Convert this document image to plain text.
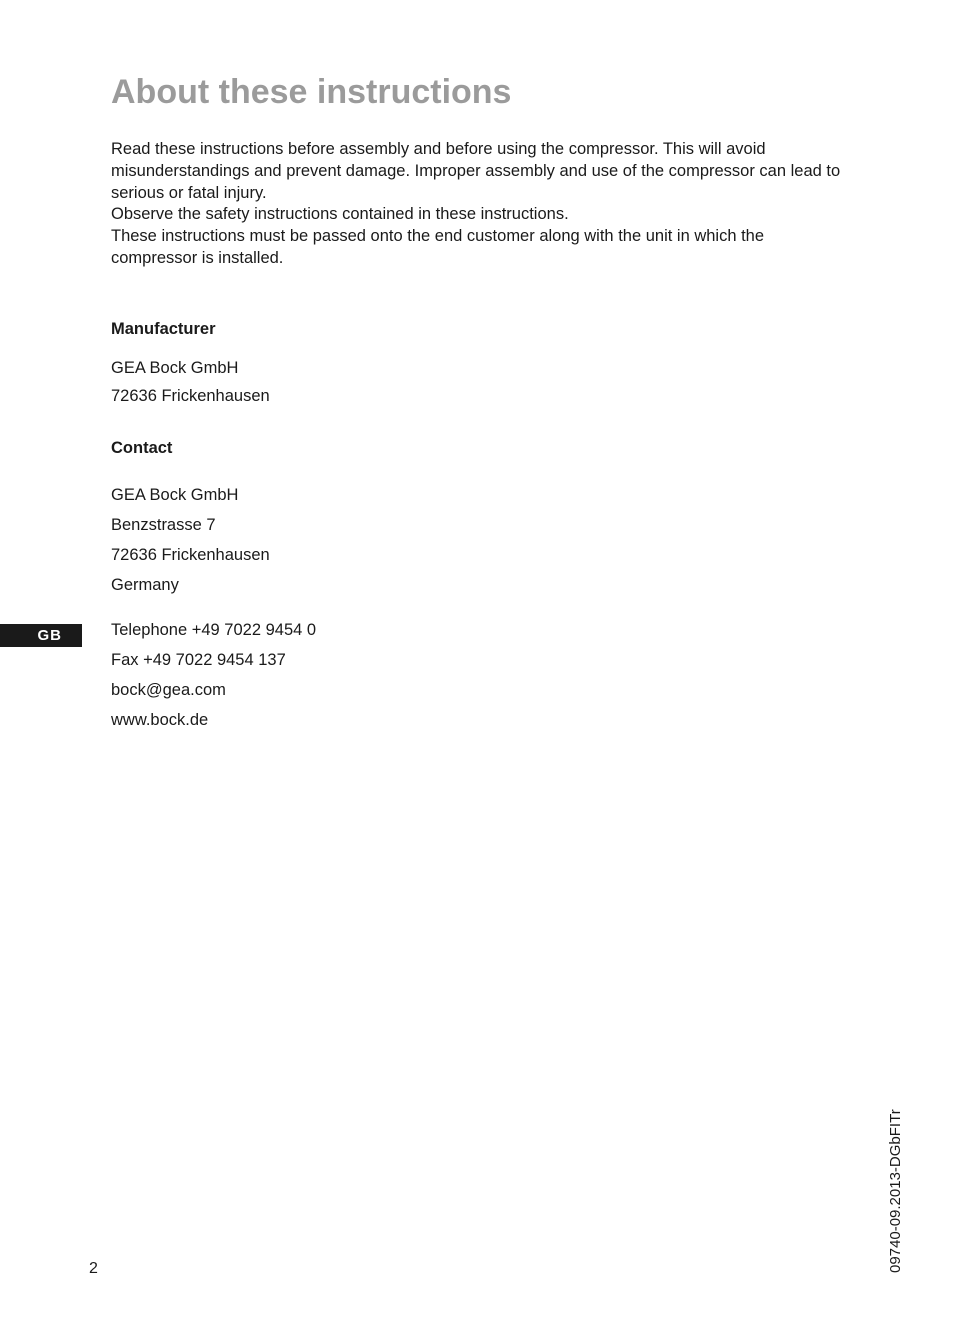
About these instructions

Read these instructions before assembly and before using the compressor. This will avoid misunderstandings and prevent damage. Improper assembly and use of the compressor can lead to serious or fatal injury.

Observe the safety instructions contained in these instructions.

These instructions must be passed onto the end customer along with the unit in which the compressor is installed.

Manufacturer
GEA Bock GmbH
72636 Frickenhausen
Contact
GEA Bock GmbH
Benzstrasse 7
72636 Frickenhausen
Germany
GB	Telephone +49 7022 9454 0
Fax +49 7022 9454 137
bock@gea.com
www.bock.de
2	09740-09.2013-DGbFITr
